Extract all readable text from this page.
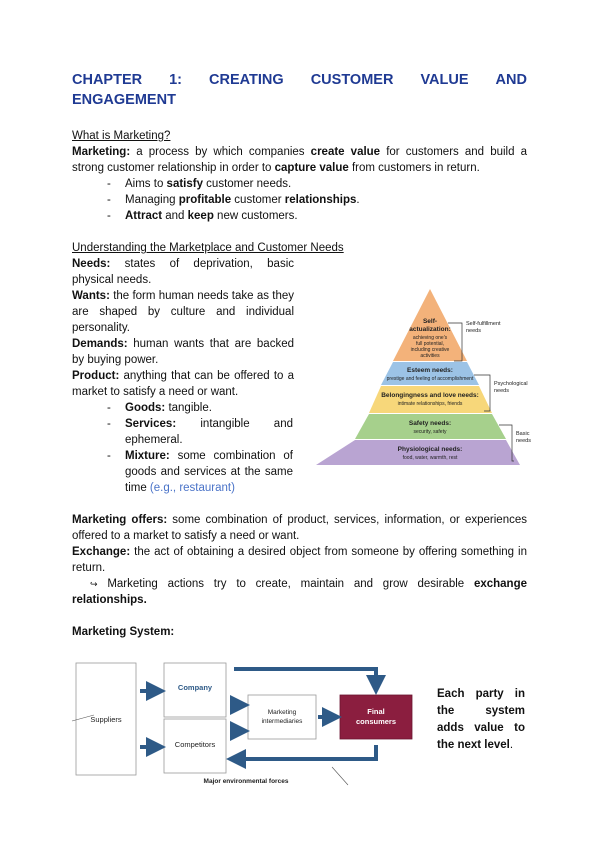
CHAPTER 1: CREATING CUSTOMER VALUE AND
ENGAGEMENT
What is Marketing?
Marketing: a process by which companies create value for customers and build a strong customer relationship in order to capture value from customers in return.
- Aims to satisfy customer needs.
- Managing profitable customer relationships.
- Attract and keep new customers.
Understanding the Marketplace and Customer Needs
Needs: states of deprivation, basic physical needs.
Wants: the form human needs take as they are shaped by culture and individual personality.
Demands: human wants that are backed by buying power.
Product: anything that can be offered to a market to satisfy a need or want.
- Goods: tangible.
- Services: intangible and ephemeral.
- Mixture: some combination of goods and services at the same time (e.g., restaurant)
Self-
actualization:
achieving one's
full potential,
including creative
activities
Esteem needs:
prestige and feeling of accomplishment
Belongingness and love needs:
intimate relationships, friends
Safety needs:
security, safety
Physiological needs:
food, water, warmth, rest
Self-fulfillment
needs
Psychological
needs
Basic
needs
Marketing offers: some combination of product, services, information, or experiences offered to a market to satisfy a need or want.
Exchange: the act of obtaining a desired object from someone by offering something in return.
↪ Marketing actions try to create, maintain and grow desirable exchange relationships.
Marketing System:
Suppliers
Company
Competitors
Marketing
intermediaries
Final
consumers
Major environmental forces
Each party in
the system
adds value to
the next level.
